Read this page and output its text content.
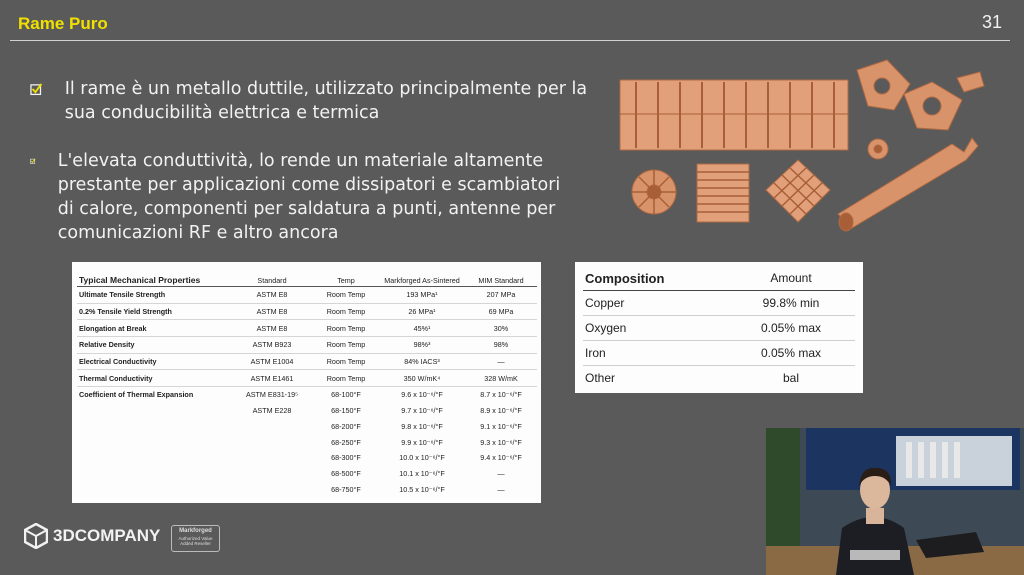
Rame Puro	31
Il rame è un metallo duttile, utilizzato principalmente per la sua conducibilità elettrica e termica
L'elevata conduttività, lo rende un materiale altamente prestante per applicazioni come dissipatori e scambiatori di calore, componenti per saldatura a punti, antenne per comunicazioni RF e altro ancora
Typical Mechanical Properties	Standard	Temp	Markforged As-Sintered	MIM Standard
Ultimate Tensile Strength	ASTM E8	Room Temp	193 MPa¹	207 MPa
0.2% Tensile Yield Strength	ASTM E8	Room Temp	26 MPa¹	69 MPa
Elongation at Break	ASTM E8	Room Temp	45%¹	30%
Relative Density	ASTM B923	Room Temp	98%³	98%
Electrical Conductivity	ASTM E1004	Room Temp	84% IACS³	—
Thermal Conductivity	ASTM E1461	Room Temp	350 W/mK⁴	328 W/mK
Coefficient of Thermal Expansion	ASTM E831-19⁵	68-100°F	9.6 x 10⁻⁶/°F	8.7 x 10⁻⁶/°F
	ASTM E228	68-150°F	9.7 x 10⁻⁶/°F	8.9 x 10⁻⁶/°F
		68-200°F	9.8 x 10⁻⁶/°F	9.1 x 10⁻⁶/°F
		68-250°F	9.9 x 10⁻⁶/°F	9.3 x 10⁻⁶/°F
		68-300°F	10.0 x 10⁻⁶/°F	9.4 x 10⁻⁶/°F
		68-500°F	10.1 x 10⁻⁶/°F	—
		68-750°F	10.5 x 10⁻⁶/°F	—
Composition	Amount
Copper	99.8% min
Oxygen	0.05% max
Iron	0.05% max
Other	bal
3DCOMPANY	Markforged
Authorized Value Added Reseller
